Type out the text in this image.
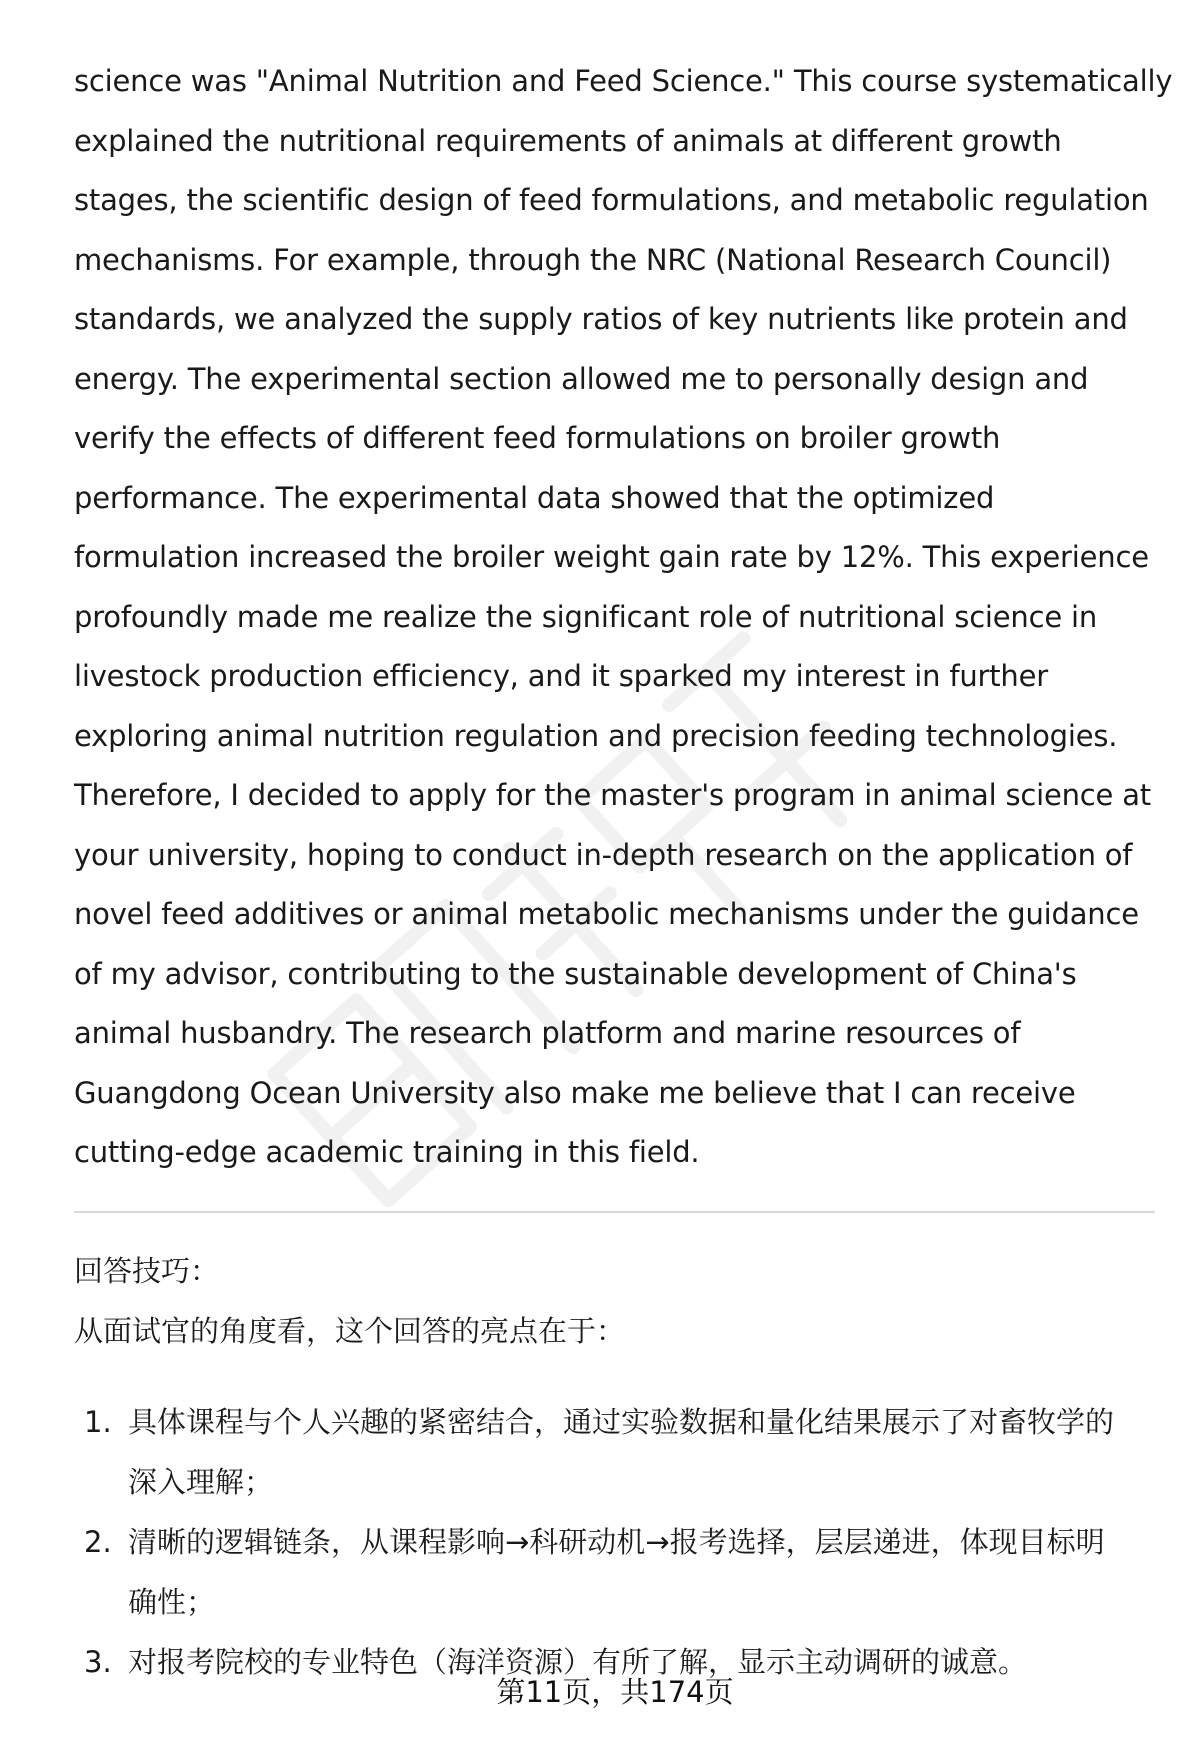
science was "Animal Nutrition and Feed Science." This course systematically
explained the nutritional requirements of animals at different growth
stages, the scientific design of feed formulations, and metabolic regulation
mechanisms. For example, through the NRC (National Research Council)
standards, we analyzed the supply ratios of key nutrients like protein and
energy. The experimental section allowed me to personally design and
verify the effects of different feed formulations on broiler growth
performance. The experimental data showed that the optimized
formulation increased the broiler weight gain rate by 12%. This experience
profoundly made me realize the significant role of nutritional science in
livestock production efficiency, and it sparked my interest in further
exploring animal nutrition regulation and precision feeding technologies.
Therefore, I decided to apply for the master's program in animal science at
your university, hoping to conduct in-depth research on the application of
novel feed additives or animal metabolic mechanisms under the guidance
of my advisor, contributing to the sustainable development of China's
animal husbandry. The research platform and marine resources of
Guangdong Ocean University also make me believe that I can receive
cutting-edge academic training in this field.

回答技巧：

从面试官的角度看，这个回答的亮点在于：

1. 具体课程与个人兴趣的紧密结合，通过实验数据和量化结果展示了对畜牧学的
深入理解；
2. 清晰的逻辑链条，从课程影响→科研动机→报考选择，层层递进，体现目标明
确性；
3. 对报考院校的专业特色（海洋资源）有所了解，显示主动调研的诚意。

第11页，共174页
